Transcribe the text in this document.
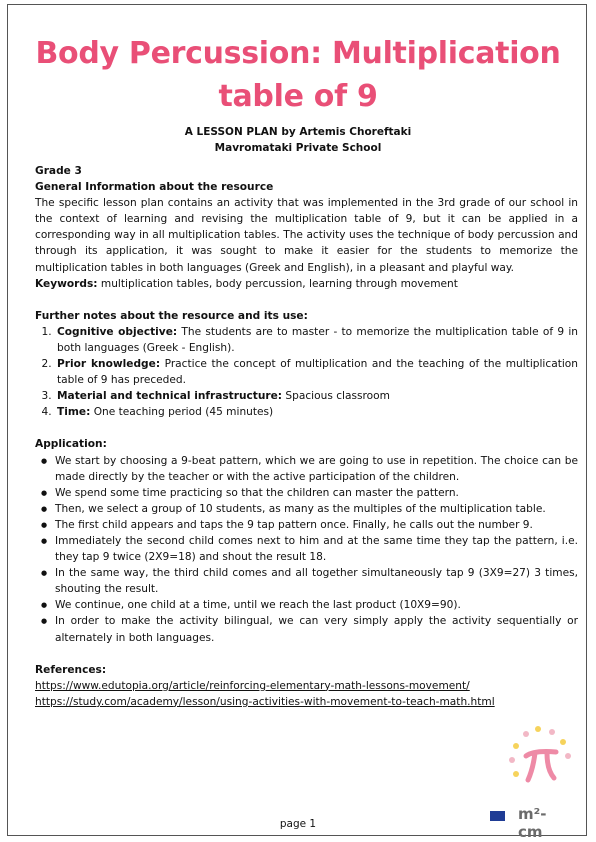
Body Percussion: Multiplication
table of 9
A LESSON PLAN by Artemis Choreftaki
Mavromataki Private School

Grade 3

General Information about the resource

The specific lesson plan contains an activity that was implemented in the 3rd grade of our school in the context of learning and revising the multiplication table of 9, but it can be applied in a corresponding way in all multiplication tables. The activity uses the technique of body percussion and through its application, it was sought to make it easier for the students to memorize the multiplication tables in both languages (Greek and English), in a pleasant and playful way.

Keywords: multiplication tables, body percussion, learning through movement

Further notes about the resource and its use:

1. Cognitive objective: The students are to master - to memorize the multiplication table of 9 in both languages (Greek - English).
2. Prior knowledge: Practice the concept of multiplication and the teaching of the multiplication table of 9 has preceded.
3. Material and technical infrastructure: Spacious classroom
4. Time: One teaching period (45 minutes)

Application:

● We start by choosing a 9-beat pattern, which we are going to use in repetition. The choice can be made directly by the teacher or with the active participation of the children.
● We spend some time practicing so that the children can master the pattern.
● Then, we select a group of 10 students, as many as the multiples of the multiplication table.
● The first child appears and taps the 9 tap pattern once. Finally, he calls out the number 9.
● Immediately the second child comes next to him and at the same time they tap the pattern, i.e. they tap 9 twice (2X9=18) and shout the result 18.
● In the same way, the third child comes and all together simultaneously tap 9 (3X9=27) 3 times, shouting the result.
● We continue, one child at a time, until we reach the last product (10X9=90).
● In order to make the activity bilingual, we can very simply apply the activity sequentially or alternately in both languages.

References:

https://www.edutopia.org/article/reinforcing-elementary-math-lessons-movement/

https://study.com/academy/lesson/using-activities-with-movement-to-teach-math.html

m²-cm
page 1
